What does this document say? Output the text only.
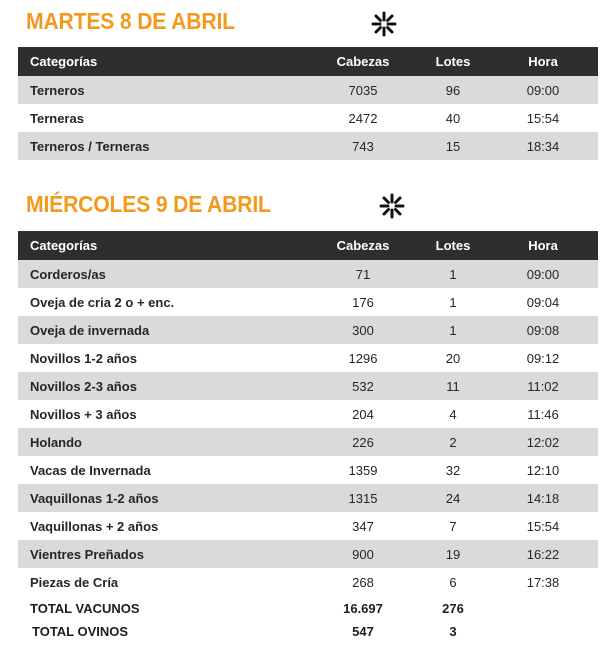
MARTES 8 DE ABRIL
Categorías	Cabezas	Lotes	Hora
Terneros	7035	96	09:00
Terneras	2472	40	15:54
Terneros / Terneras	743	15	18:34
MIÉRCOLES 9 DE ABRIL
Categorías	Cabezas	Lotes	Hora
Corderos/as	71	1	09:00
Oveja de cria 2 o + enc.	176	1	09:04
Oveja de invernada	300	1	09:08
Novillos 1-2 años	1296	20	09:12
Novillos 2-3 años	532	11	11:02
Novillos + 3 años	204	4	11:46
Holando	226	2	12:02
Vacas de Invernada	1359	32	12:10
Vaquillonas 1-2 años	1315	24	14:18
Vaquillonas + 2 años	347	7	15:54
Vientres Preñados	900	19	16:22
Piezas de Cría	268	6	17:38
TOTAL VACUNOS	16.697	276	
TOTAL OVINOS	547	3	
